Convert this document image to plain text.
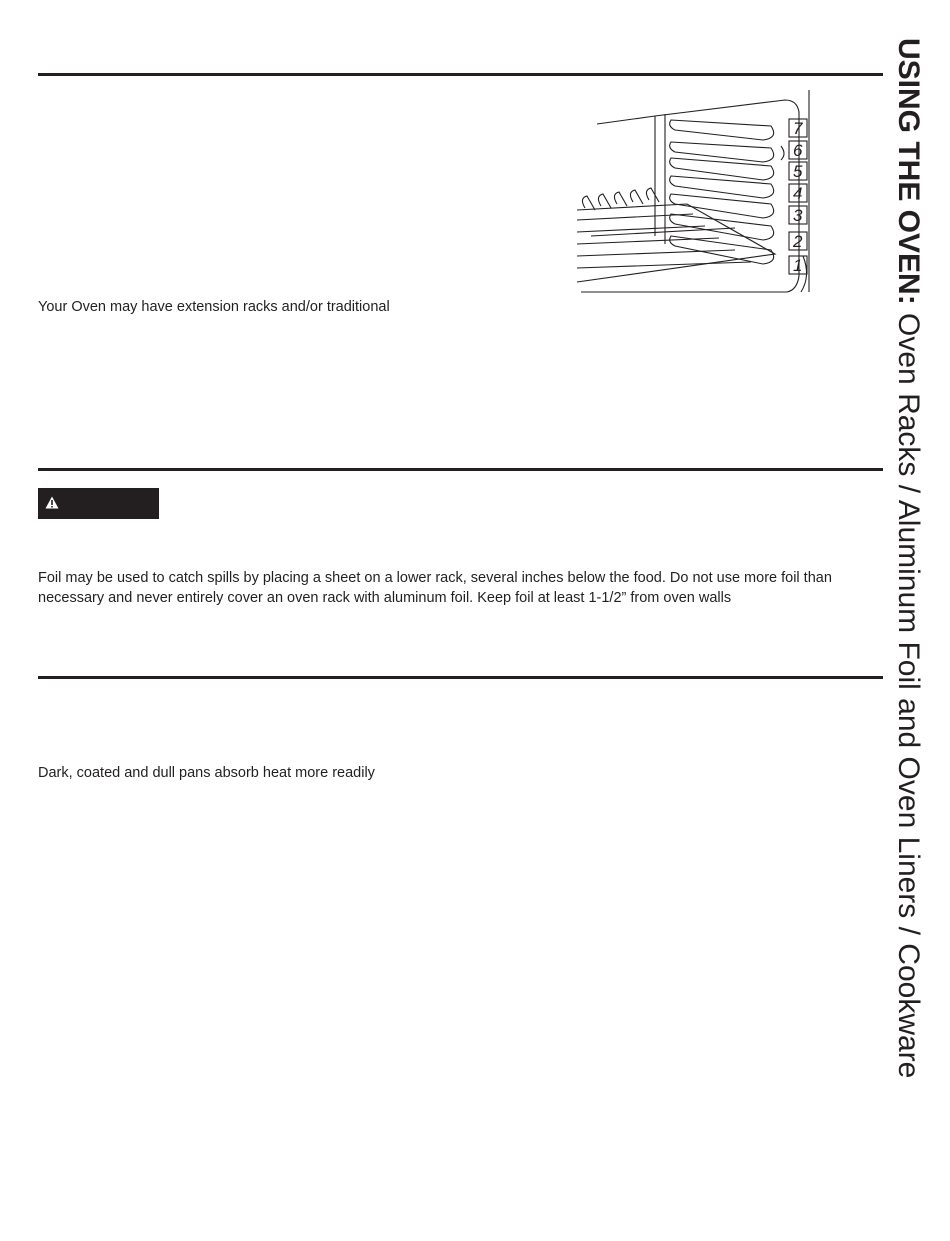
USING THE OVEN: Oven Racks / Aluminum Foil and Oven Liners / Cookware
7
6
5
4
3
2
1
Your Oven may have extension racks and/or traditional
Foil may be used to catch spills by placing a sheet on a lower rack, several inches below the food. Do not use more foil than necessary and never entirely cover an oven rack with aluminum foil. Keep foil at least 1-1/2” from oven walls
Dark, coated and dull pans absorb heat more readily
